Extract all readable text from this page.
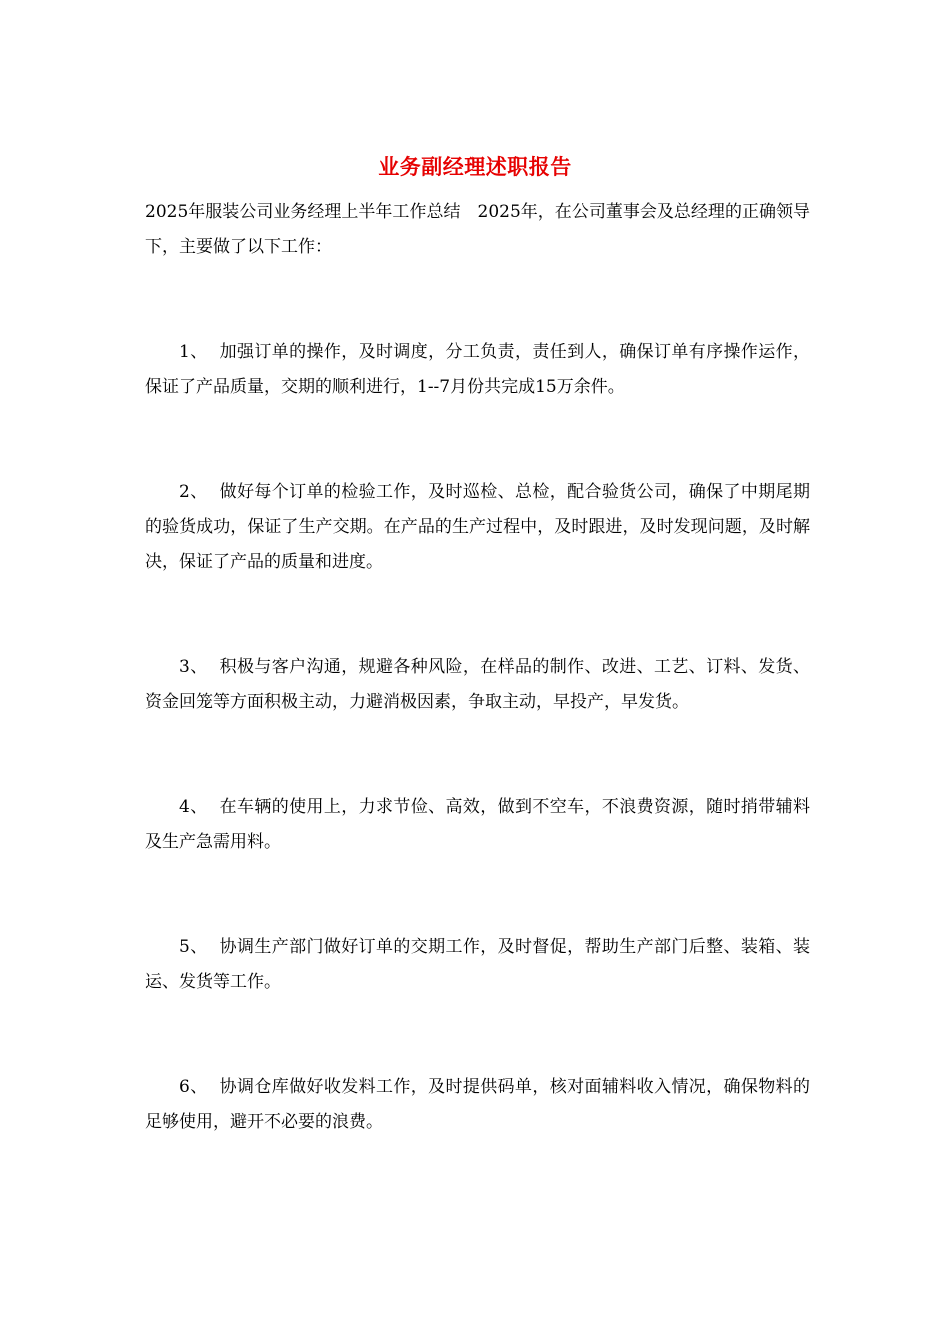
业务副经理述职报告
2025年服装公司业务经理上半年工作总结　2025年，在公司董事会及总经理的正确领导下，主要做了以下工作：
1、 加强订单的操作，及时调度，分工负责，责任到人，确保订单有序操作运作，保证了产品质量，交期的顺利进行，1--7月份共完成15万余件。
2、 做好每个订单的检验工作，及时巡检、总检，配合验货公司，确保了中期尾期的验货成功，保证了生产交期。在产品的生产过程中，及时跟进，及时发现问题，及时解决，保证了产品的质量和进度。
3、 积极与客户沟通，规避各种风险，在样品的制作、改进、工艺、订料、发货、资金回笼等方面积极主动，力避消极因素，争取主动，早投产，早发货。
4、 在车辆的使用上，力求节俭、高效，做到不空车，不浪费资源，随时捎带辅料及生产急需用料。
5、 协调生产部门做好订单的交期工作，及时督促，帮助生产部门后整、装箱、装运、发货等工作。
6、 协调仓库做好收发料工作，及时提供码单，核对面辅料收入情况，确保物料的足够使用，避开不必要的浪费。
